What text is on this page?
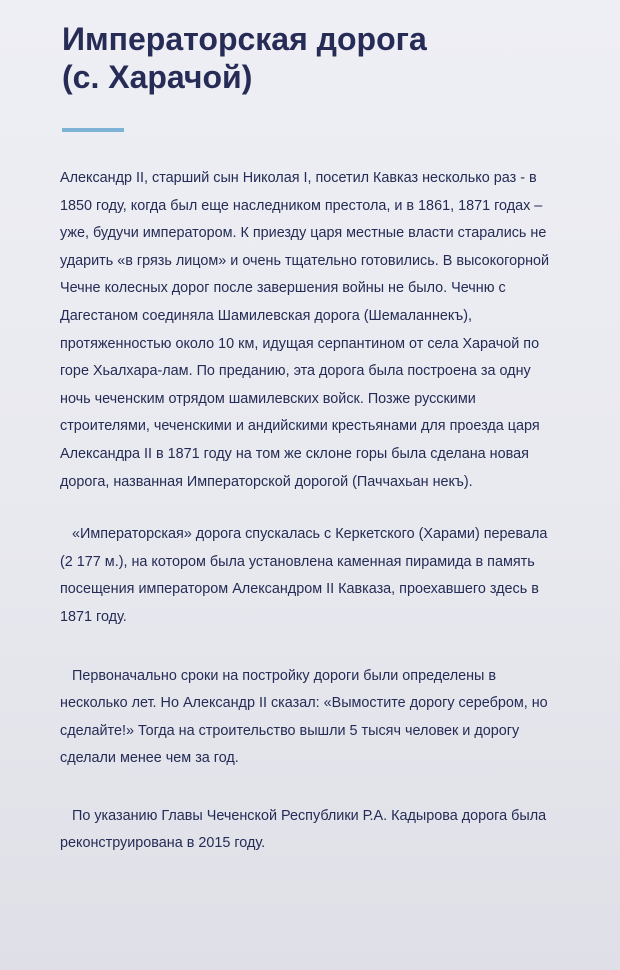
Императорская дорога
(с. Харачой)

Александр II, старший сын Николая I, посетил Кавказ несколько раз - в
1850 году, когда был еще наследником престола, и в 1861, 1871 годах –
уже, будучи императором. К приезду царя местные власти старались не
ударить «в грязь лицом» и очень тщательно готовились. В высокогорной
Чечне колесных дорог после завершения войны не было. Чечню с
Дагестаном соединяла Шамилевская дорога (Шемаланнекъ),
протяженностью около 10 км, идущая серпантином от села Харачой по
горе Хьалхара-лам. По преданию, эта дорога была построена за одну
ночь чеченским отрядом шамилевских войск. Позже русскими
строителями, чеченскими и андийскими крестьянами для проезда царя
Александра II в 1871 году на том же склоне горы была сделана новая
дорога, названная Императорской дорогой (Паччахьан некъ).

«Императорская» дорога спускалась с Керкетского (Харами) перевала
(2 177 м.), на котором была установлена каменная пирамида в память
посещения императором Александром II Кавказа, проехавшего здесь в
1871 году.

Первоначально сроки на постройку дороги были определены в
несколько лет. Но Александр II сказал: «Вымостите дорогу серебром, но
сделайте!» Тогда на строительство вышли 5 тысяч человек и дорогу
сделали менее чем за год.

По указанию Главы Чеченской Республики Р.А. Кадырова дорога была
реконструирована в 2015 году.
